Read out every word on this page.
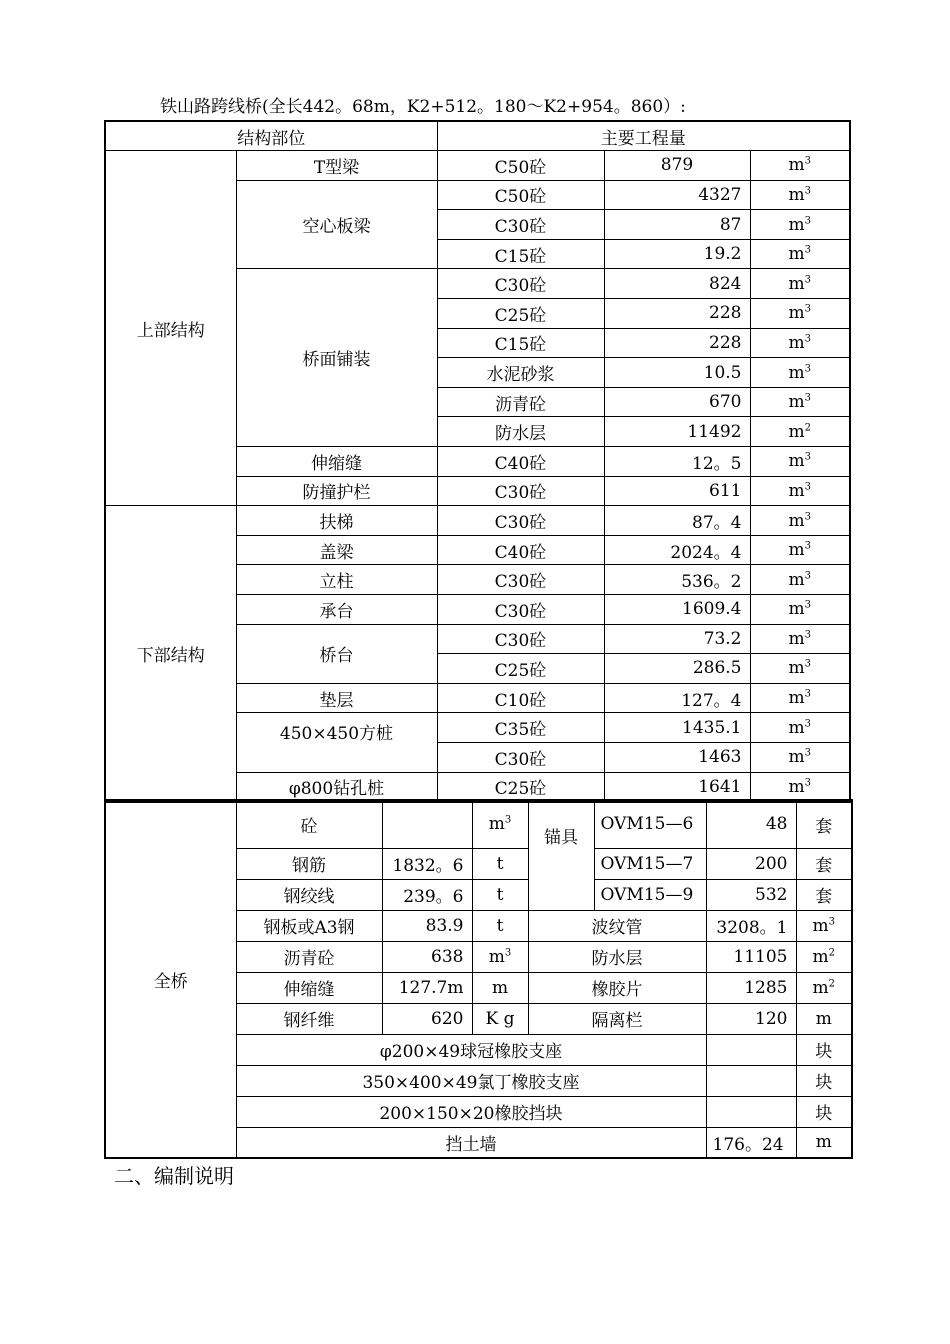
铁山路跨线桥(全长442。68m，K2+512。180～K2+954。860）:
结构部位		主要工程量		
上部结构	T型梁	C50砼	879	$m^3$
	空心板梁	C50砼	4327	$m^3$
		C30砼	87	$m^3$
		C15砼	19.2	$m^3$
	桥面铺装	C30砼	824	$m^3$
		C25砼	228	$m^3$
		C15砼	228	$m^3$
		水泥砂浆	10.5	$m^3$
		沥青砼	670	$m^3$
		防水层	11492	$m^2$
	伸缩缝	C40砼	12。5	$m^3$
	防撞护栏	C30砼	611	$m^3$
下部结构	扶梯	C30砼	87。4	$m^3$
	盖梁	C40砼	2024。4	$m^3$
	立柱	C30砼	536。2	$m^3$
	承台	C30砼	1609.4	$m^3$
	桥台	C30砼	73.2	$m^3$
		C25砼	286.5	$m^3$
	垫层	C10砼	127。4	$m^3$
	450×450方桩	C35砼	1435.1	$m^3$
		C30砼	1463	$m^3$
	φ800钻孔桩	C25砼	1641	$m^3$
全桥	砼		$m^3$	锚具	OVM15—6	48	套
	钢筋	1832。6	t		OVM15—7	200	套
	钢绞线	239。6	t		OVM15—9	532	套
	钢板或A3钢	83.9	t	波纹管		3208。1	$m^3$
	沥青砼	638	$m^3$	防水层		11105	$m^2$
	伸缩缝	127.7m	m	橡胶片		1285	$m^2$
	钢纤维	620	K g	隔离栏		120	m
	φ200×49球冠橡胶支座						块
	350×400×49氯丁橡胶支座						块
	200×150×20橡胶挡块						块
	挡土墙					176。24	m
二、编制说明
